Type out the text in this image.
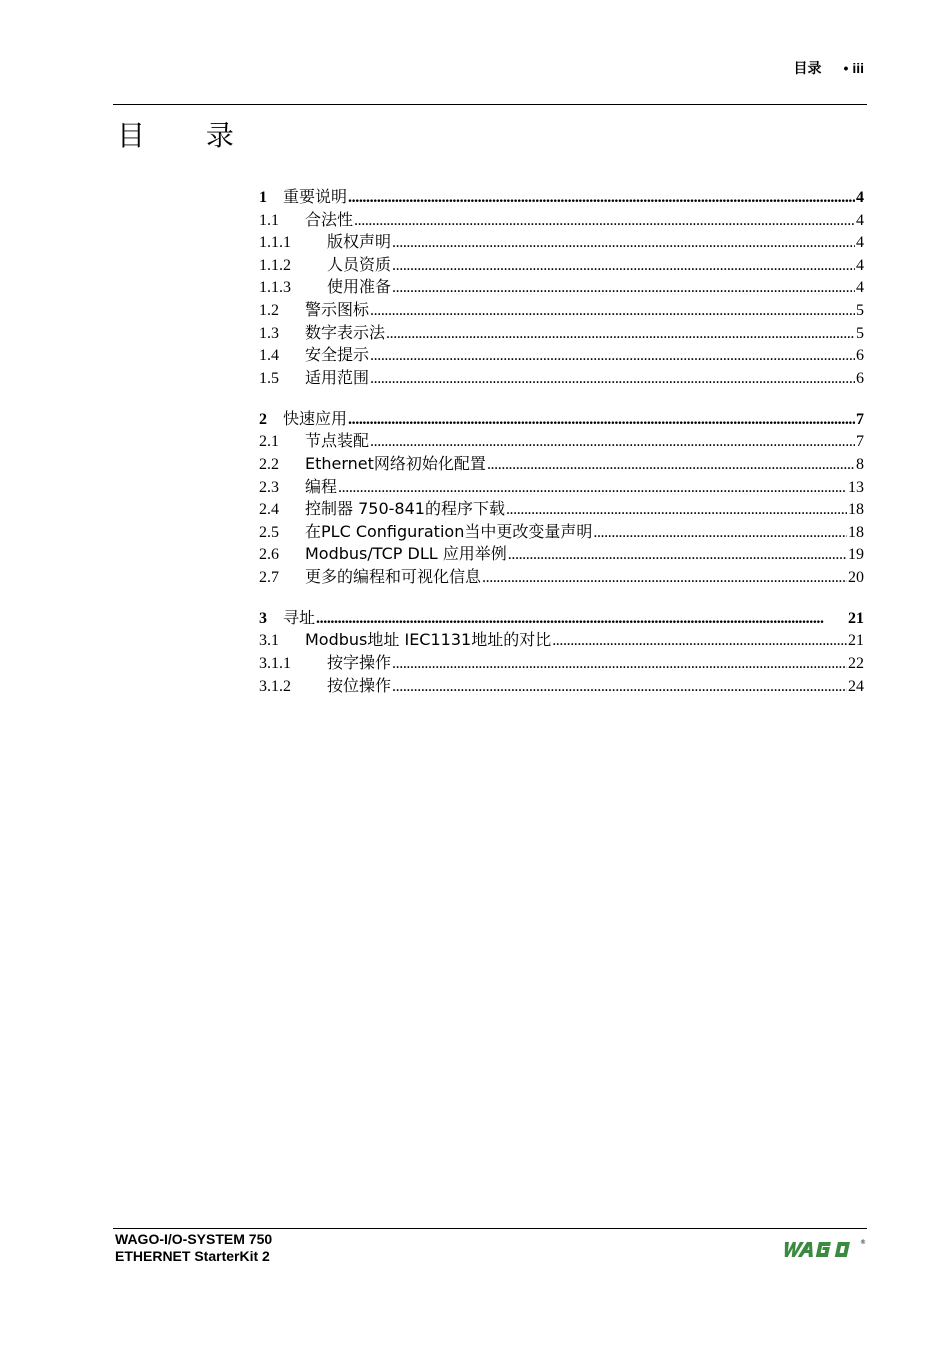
目录 • iii
目 录
1	重要说明 . . .	4
1.1	合法性 . . .	4
1.1.1	版权声明 . . .	4
1.1.2	人员资质 . . .	4
1.1.3	使用准备 . . .	4
1.2	警示图标 . . .	5
1.3	数字表示法 . . .	5
1.4	安全提示 . . .	6
1.5	适用范围 . . .	6
2	快速应用 . . .	7
2.1	节点装配 . . .	7
2.2	Ethernet网络初始化配置 . . .	8
2.3	编程 . . .	13
2.4	控制器 750-841的程序下载 . . .	18
2.5	在PLC Configuration当中更改变量声明 . . .	18
2.6	Modbus/TCP DLL 应用举例 . . .	19
2.7	更多的编程和可视化信息 . . .	20
3	寻址 . . .	21
3.1	Modbus地址 IEC1131地址的对比 . . .	21
3.1.1	按字操作 . . .	22
3.1.2	按位操作 . . .	24
WAGO-I/O-SYSTEM 750
ETHERNET StarterKit 2
®
